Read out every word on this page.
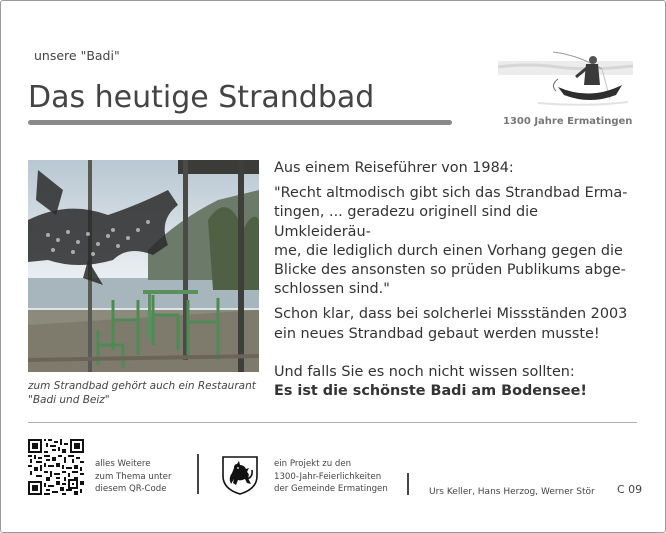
unsere "Badi"
Das heutige Strandbad
1300 Jahre Ermatingen
zum Strandbad gehört auch ein Restaurant
"Badi und Beiz"

Aus einem Reiseführer von 1984:

"Recht altmodisch gibt sich das Strandbad Erma-
tingen, ... geradezu originell sind die Umkleideräu-
me, die lediglich durch einen Vorhang gegen die
Blicke des ansonsten so prüden Publikums abge-
schlossen sind."

Schon klar, dass bei solcherlei Missständen 2003
ein neues Strandbad gebaut werden musste!

Und falls Sie es noch nicht wissen sollten:
Es ist die schönste Badi am Bodensee!

alles Weitere
zum Thema unter
diesem QR-Code
ein Projekt zu den
1300-Jahr-Feierlichkeiten
der Gemeinde Ermatingen	Urs Keller, Hans Herzog, Werner Stör C 09
